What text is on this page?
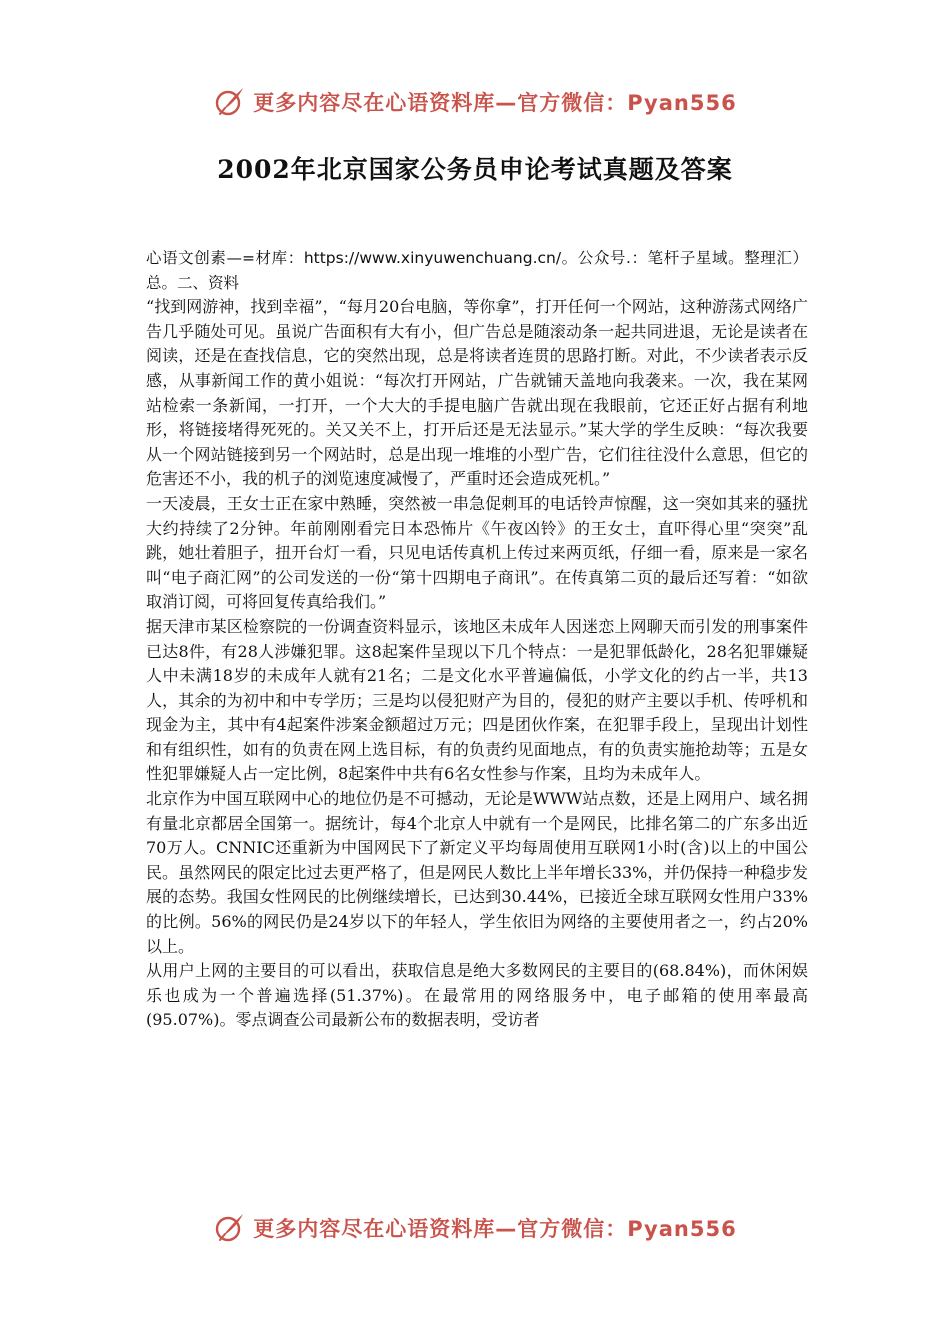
更多内容尽在心语资料库—官方微信：Pyan556
2002年北京国家公务员申论考试真题及答案

心语文创素—=材库：https://www.xinyuwenchuang.cn/。公众号.：笔杆子星域。整理汇）总。二、资料

“找到网游神，找到幸福”，“每月20台电脑，等你拿”，打开任何一个网站，这种游荡式网络广告几乎随处可见。虽说广告面积有大有小，但广告总是随滚动条一起共同进退，无论是读者在阅读，还是在查找信息，它的突然出现，总是将读者连贯的思路打断。对此，不少读者表示反感，从事新闻工作的黄小姐说：“每次打开网站，广告就铺天盖地向我袭来。一次，我在某网站检索一条新闻，一打开，一个大大的手提电脑广告就出现在我眼前，它还正好占据有利地形，将链接堵得死死的。关又关不上，打开后还是无法显示。”某大学的学生反映：“每次我要从一个网站链接到另一个网站时，总是出现一堆堆的小型广告，它们往往没什么意思，但它的危害还不小，我的机子的浏览速度减慢了，严重时还会造成死机。”

一天凌晨，王女士正在家中熟睡，突然被一串急促刺耳的电话铃声惊醒，这一突如其来的骚扰大约持续了2分钟。年前刚刚看完日本恐怖片《午夜凶铃》的王女士，直吓得心里“突突”乱跳，她壮着胆子，扭开台灯一看，只见电话传真机上传过来两页纸，仔细一看，原来是一家名叫“电子商汇网”的公司发送的一份“第十四期电子商讯”。在传真第二页的最后还写着：“如欲取消订阅，可将回复传真给我们。”

据天津市某区检察院的一份调查资料显示，该地区未成年人因迷恋上网聊天而引发的刑事案件已达8件，有28人涉嫌犯罪。这8起案件呈现以下几个特点：一是犯罪低龄化，28名犯罪嫌疑人中未满18岁的未成年人就有21名；二是文化水平普遍偏低，小学文化的约占一半，共13人，其余的为初中和中专学历；三是均以侵犯财产为目的，侵犯的财产主要以手机、传呼机和现金为主，其中有4起案件涉案金额超过万元；四是团伙作案，在犯罪手段上，呈现出计划性和有组织性，如有的负责在网上选目标，有的负责约见面地点，有的负责实施抢劫等；五是女性犯罪嫌疑人占一定比例，8起案件中共有6名女性参与作案，且均为未成年人。

北京作为中国互联网中心的地位仍是不可撼动，无论是WWW站点数，还是上网用户、域名拥有量北京都居全国第一。据统计，每4个北京人中就有一个是网民，比排名第二的广东多出近70万人。CNNIC还重新为中国网民下了新定义平均每周使用互联网1小时(含)以上的中国公民。虽然网民的限定比过去更严格了，但是网民人数比上半年增长33%，并仍保持一种稳步发展的态势。我国女性网民的比例继续增长，已达到30.44%，已接近全球互联网女性用户33%的比例。56%的网民仍是24岁以下的年轻人，学生依旧为网络的主要使用者之一，约占20%以上。

从用户上网的主要目的可以看出，获取信息是绝大多数网民的主要目的(68.84%)，而休闲娱乐也成为一个普遍选择(51.37%)。在最常用的网络服务中，电子邮箱的使用率最高(95.07%)。零点调查公司最新公布的数据表明，受访者

更多内容尽在心语资料库—官方微信：Pyan556
